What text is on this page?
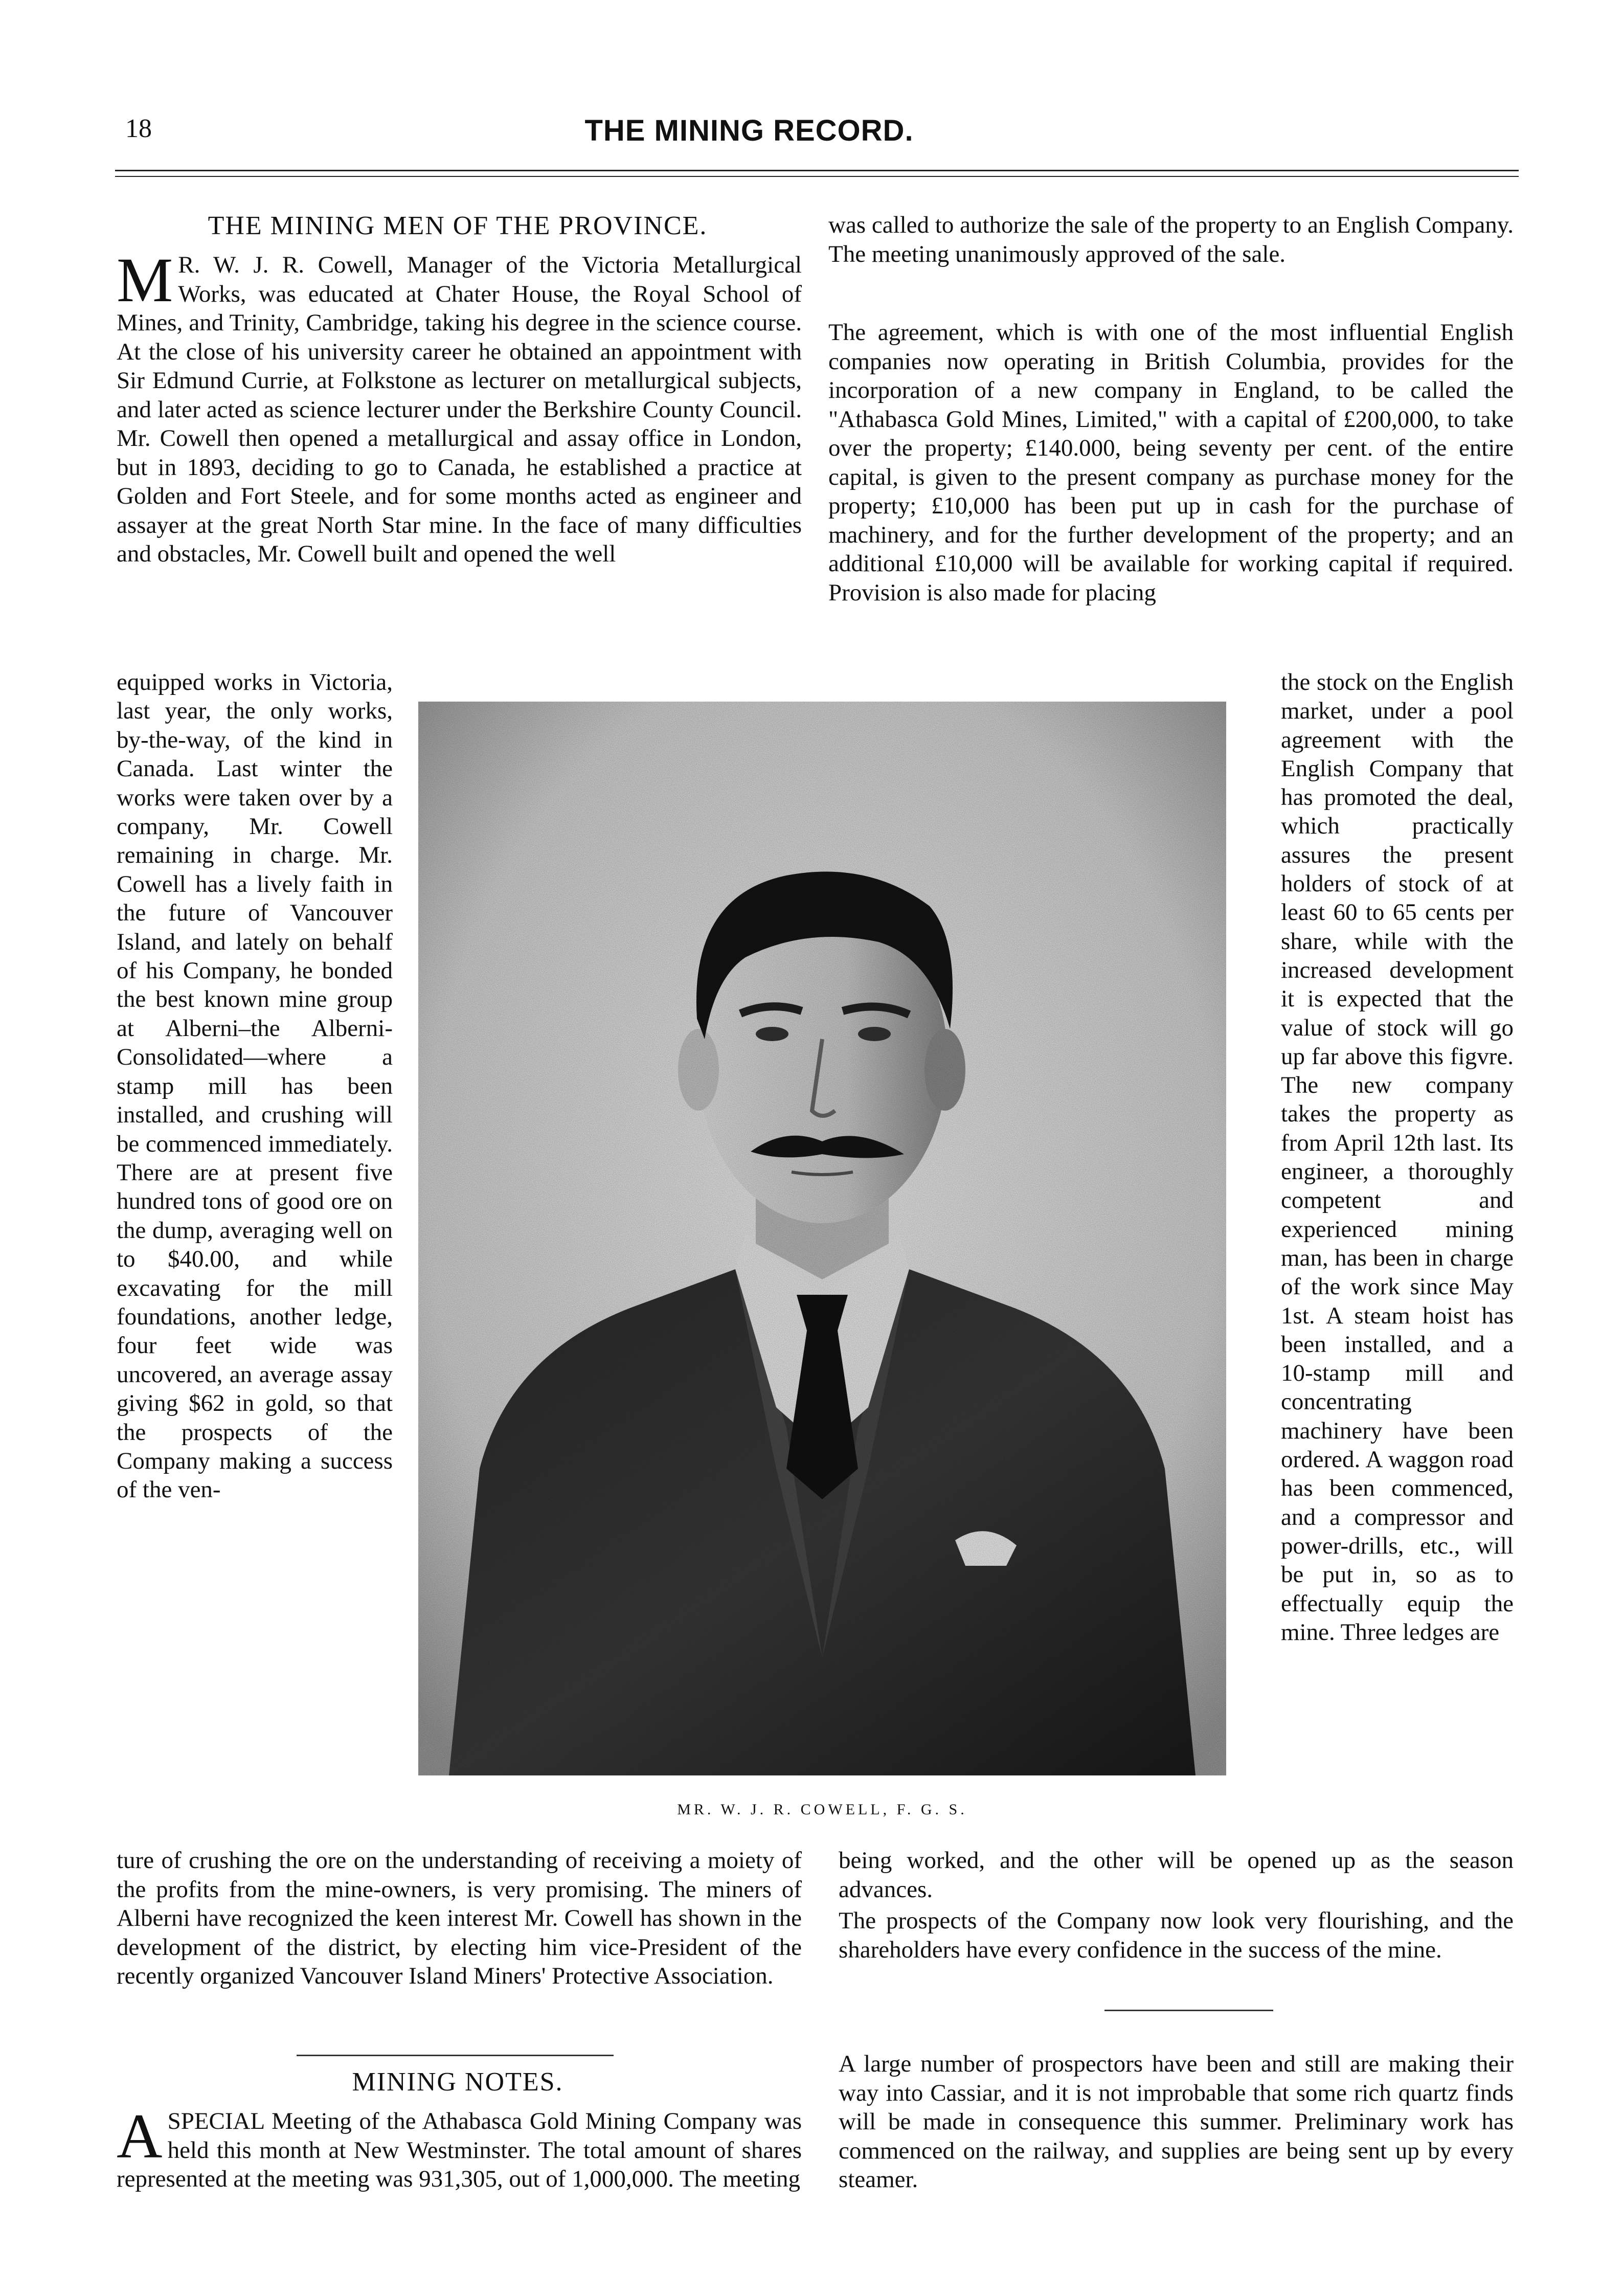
18	THE MINING RECORD.
THE MINING MEN OF THE PROVINCE.

M R. W. J. R. Cowell, Manager of the Victoria Metallurgical Works, was educated at Chater House, the Royal School of Mines, and Trinity, Cambridge, taking his degree in the science course. At the close of his university career he obtained an appointment with Sir Edmund Currie, at Folkstone as lecturer on metallurgical subjects, and later acted as science lecturer under the Berkshire County Council. Mr. Cowell then opened a metallurgical and assay office in London, but in 1893, deciding to go to Canada, he established a practice at Golden and Fort Steele, and for some months acted as engineer and assayer at the great North Star mine. In the face of many difficulties and obstacles, Mr. Cowell built and opened the well

equipped works in Victoria, last year, the only works, by-the-way, of the kind in Canada. Last winter the works were taken over by a company, Mr. Cowell remaining in charge. Mr. Cowell has a lively faith in the future of Vancouver Island, and lately on behalf of his Company, he bonded the best known mine group at Alberni–the Alberni-Consolidated—where a stamp mill has been installed, and crushing will be commenced immediately. There are at present five hundred tons of good ore on the dump, averaging well on to $40.00, and while excavating for the mill foundations, another ledge, four feet wide was uncovered, an average assay giving $62 in gold, so that the prospects of the Company making a success of the ven-

ture of crushing the ore on the understanding of receiving a moiety of the profits from the mine-owners, is very promising. The miners of Alberni have recognized the keen interest Mr. Cowell has shown in the development of the district, by electing him vice-President of the recently organized Vancouver Island Miners' Protective Association.

MR. W. J. R. COWELL, F. G. S.

was called to authorize the sale of the property to an English Company. The meeting unanimously approved of the sale.

The agreement, which is with one of the most influential English companies now operating in British Columbia, provides for the incorporation of a new company in England, to be called the "Athabasca Gold Mines, Limited," with a capital of £200,000, to take over the property; £140.000, being seventy per cent. of the entire capital, is given to the present company as purchase money for the property; £10,000 has been put up in cash for the purchase of machinery, and for the further development of the property; and an additional £10,000 will be available for working capital if required. Provision is also made for placing

the stock on the English market, under a pool agreement with the English Company that has promoted the deal, which practically assures the present holders of stock of at least 60 to 65 cents per share, while with the increased development it is expected that the value of stock will go up far above this figvre. The new company takes the property as from April 12th last. Its engineer, a thoroughly competent and experienced mining man, has been in charge of the work since May 1st. A steam hoist has been installed, and a 10-stamp mill and concentrating machinery have been ordered. A waggon road has been commenced, and a compressor and power-drills, etc., will be put in, so as to effectually equip the mine. Three ledges are

being worked, and the other will be opened up as the season advances.

The prospects of the Company now look very flourishing, and the shareholders have every confidence in the success of the mine.

A large number of prospectors have been and still are making their way into Cassiar, and it is not improbable that some rich quartz finds will be made in consequence this summer. Preliminary work has commenced on the railway, and supplies are being sent up by every steamer.

MINING NOTES.

ASPECIAL Meeting of the Athabasca Gold Mining Company was held this month at New Westminster. The total amount of shares represented at the meeting was 931,305, out of 1,000,000. The meeting
